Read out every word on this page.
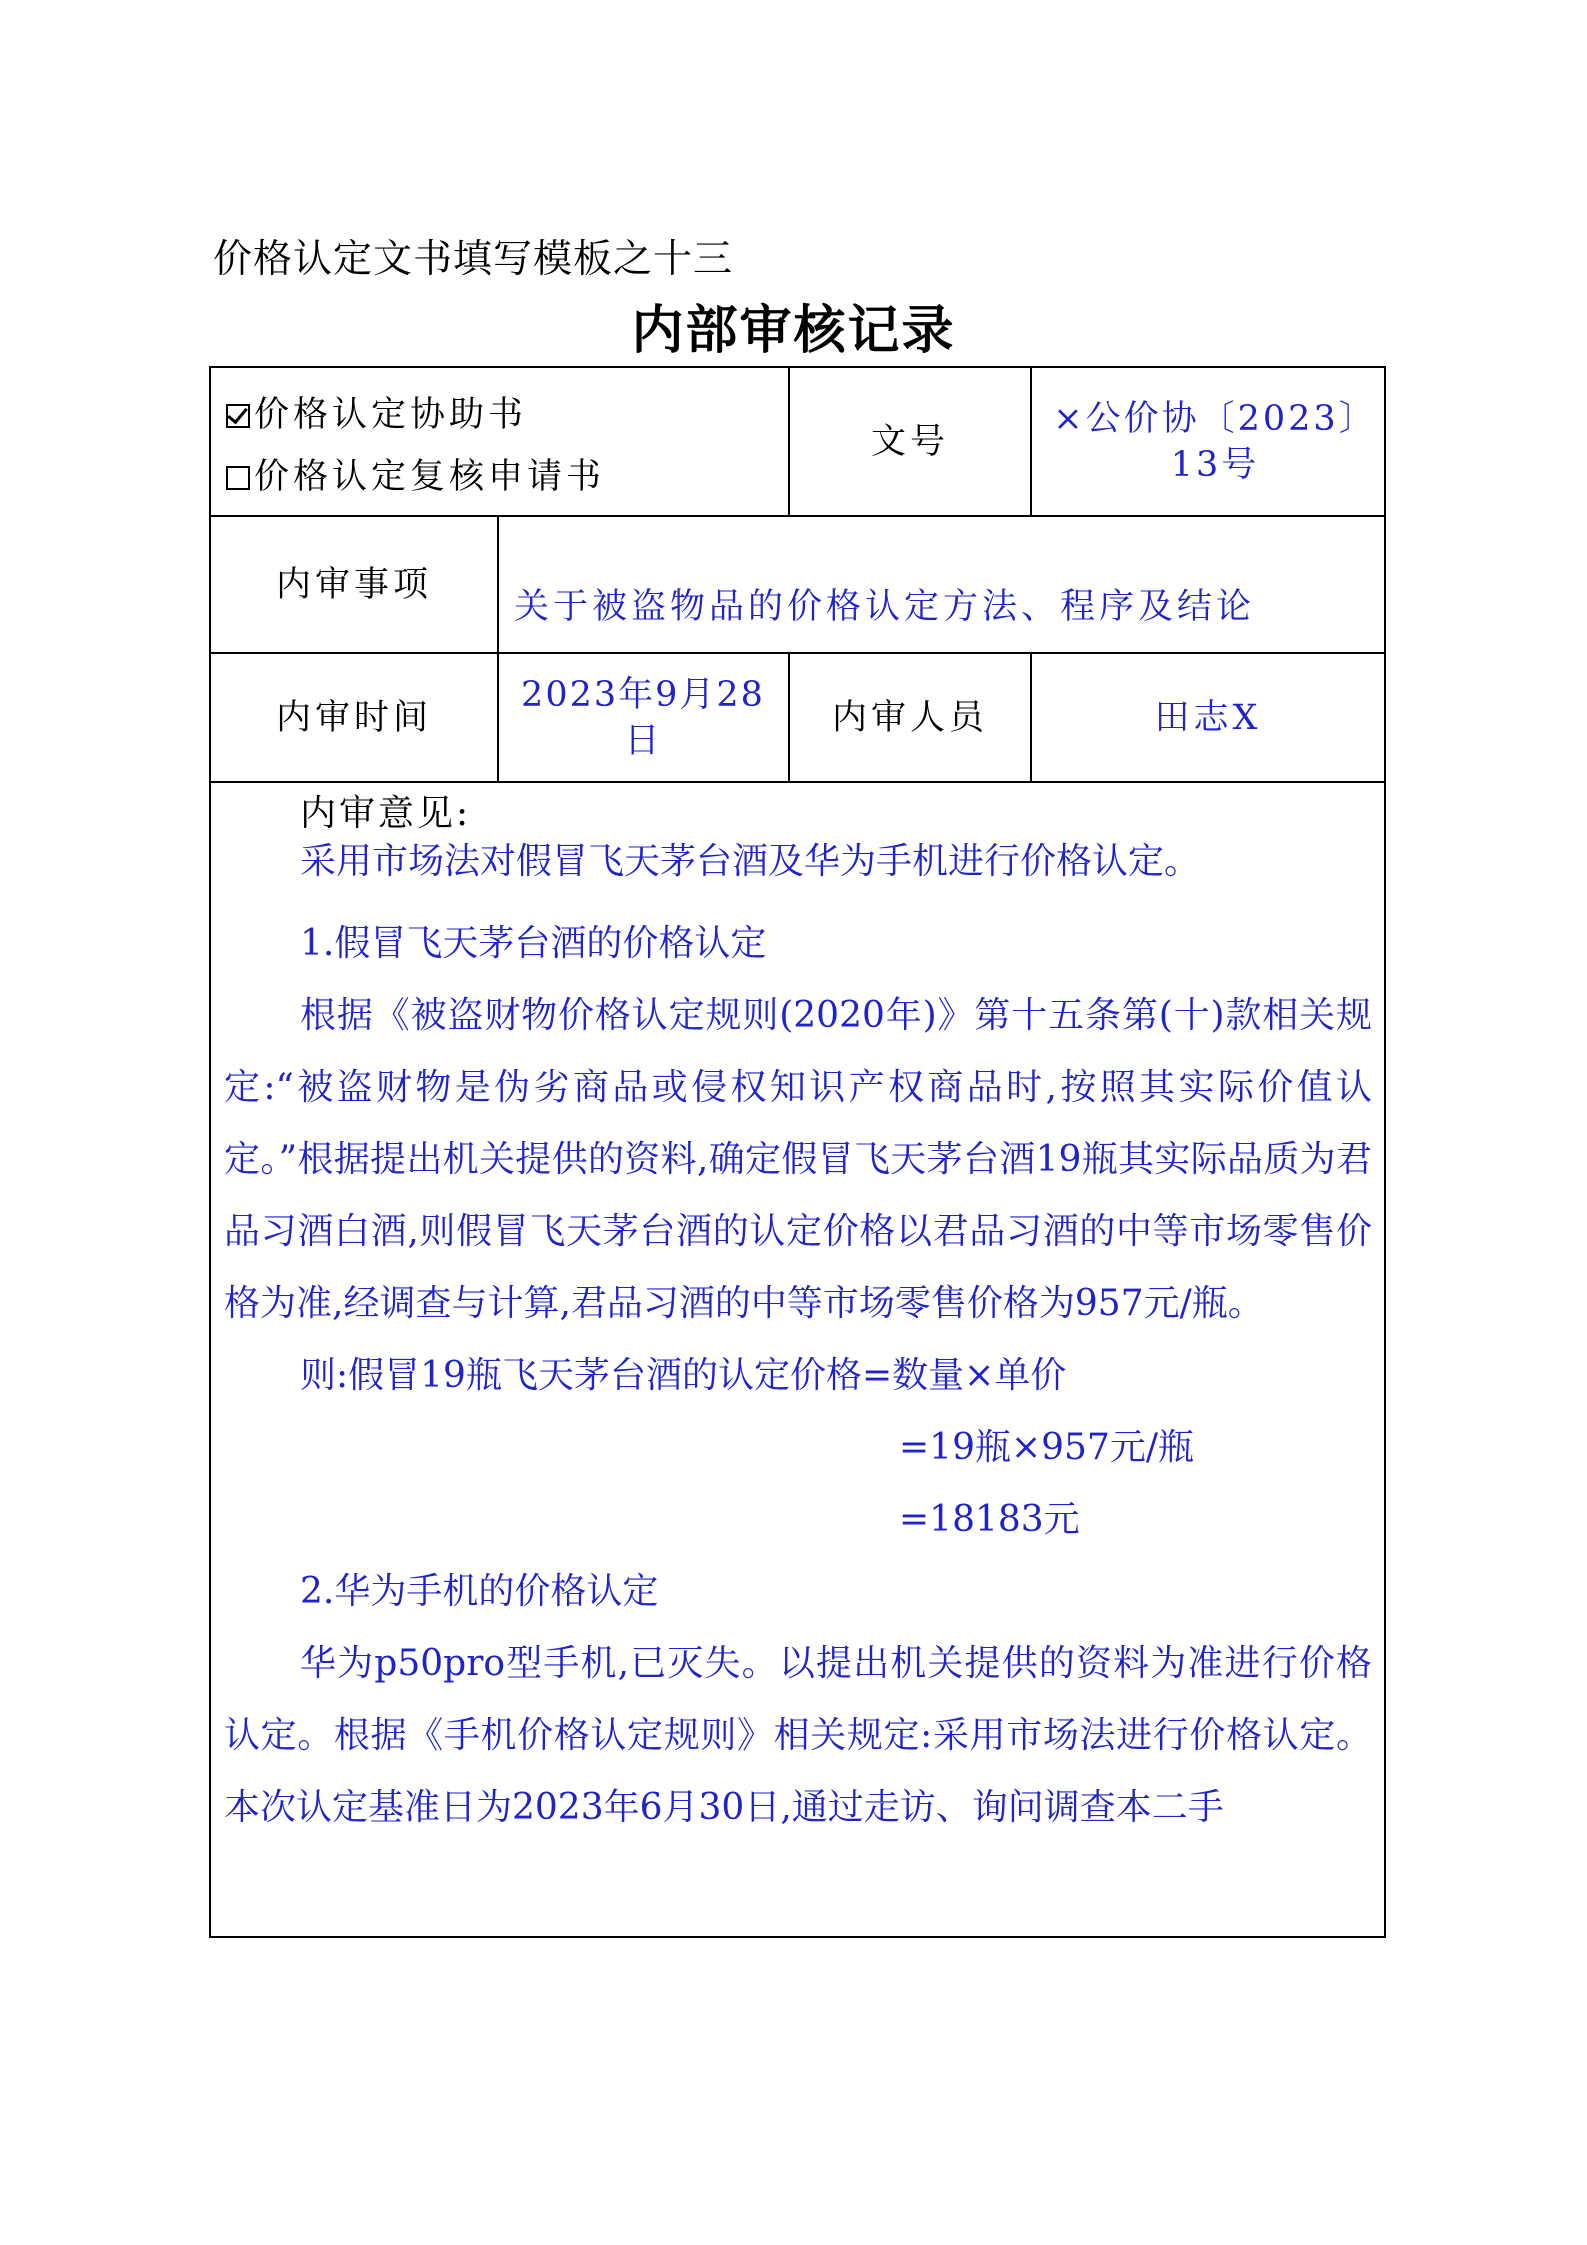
价格认定文书填写模板之十三
内部审核记录
价格认定协助书
价格认定复核申请书
文号
×公价协〔2023〕13号
内审事项
关于被盗物品的价格认定方法、程序及结论
内审时间
2023年9月28日
内审人员	田志X

内审意见:

采用市场法对假冒飞天茅台酒及华为手机进行价格认定。

1.假冒飞天茅台酒的价格认定

根据《被盗财物价格认定规则(2020年)》第十五条第(十)款相关规定:“被盗财物是伪劣商品或侵权知识产权商品时,按照其实际价值认定。”根据提出机关提供的资料,确定假冒飞天茅台酒19瓶其实际品质为君品习酒白酒,则假冒飞天茅台酒的认定价格以君品习酒的中等市场零售价格为准,经调查与计算,君品习酒的中等市场零售价格为957元/瓶。

则:假冒19瓶飞天茅台酒的认定价格=数量×单价

=19瓶×957元/瓶

=18183元

2.华为手机的价格认定

华为p50pro型手机,已灭失。以提出机关提供的资料为准进行价格认定。根据《手机价格认定规则》相关规定:采用市场法进行价格认定。本次认定基准日为2023年6月30日,通过走访、询问调查本二手
